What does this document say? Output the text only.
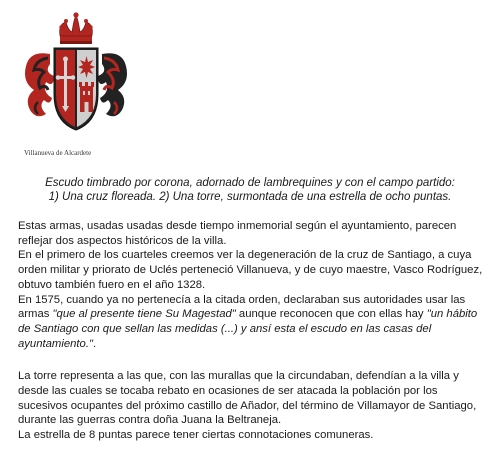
Villanueva de Alcardete
Escudo timbrado por corona, adornado de lambrequines y con el campo partido:
1) Una cruz floreada. 2) Una torre, surmontada de una estrella de ocho puntas.

Estas armas, usadas usadas desde tiempo inmemorial según el ayuntamiento, parecen reflejar dos aspectos históricos de la villa.

En el primero de los cuarteles creemos ver la degeneración de la cruz de Santiago, a cuya orden militar y priorato de Uclés perteneció Villanueva, y de cuyo maestre, Vasco Rodríguez, obtuvo también fuero en el año 1328.

En 1575, cuando ya no pertenecía a la citada orden, declaraban sus autoridades usar las armas "que al presente tiene Su Magestad" aunque reconocen que con ellas hay "un hábito de Santiago con que sellan las medidas (...) y ansí esta el escudo en las casas del ayuntamiento.".

La torre representa a las que, con las murallas que la circundaban, defendían a la villa y desde las cuales se tocaba rebato en ocasiones de ser atacada la población por los sucesivos ocupantes del próximo castillo de Añador, del término de Villamayor de Santiago, durante las guerras contra doña Juana la Beltraneja.

La estrella de 8 puntas parece tener ciertas connotaciones comuneras.
